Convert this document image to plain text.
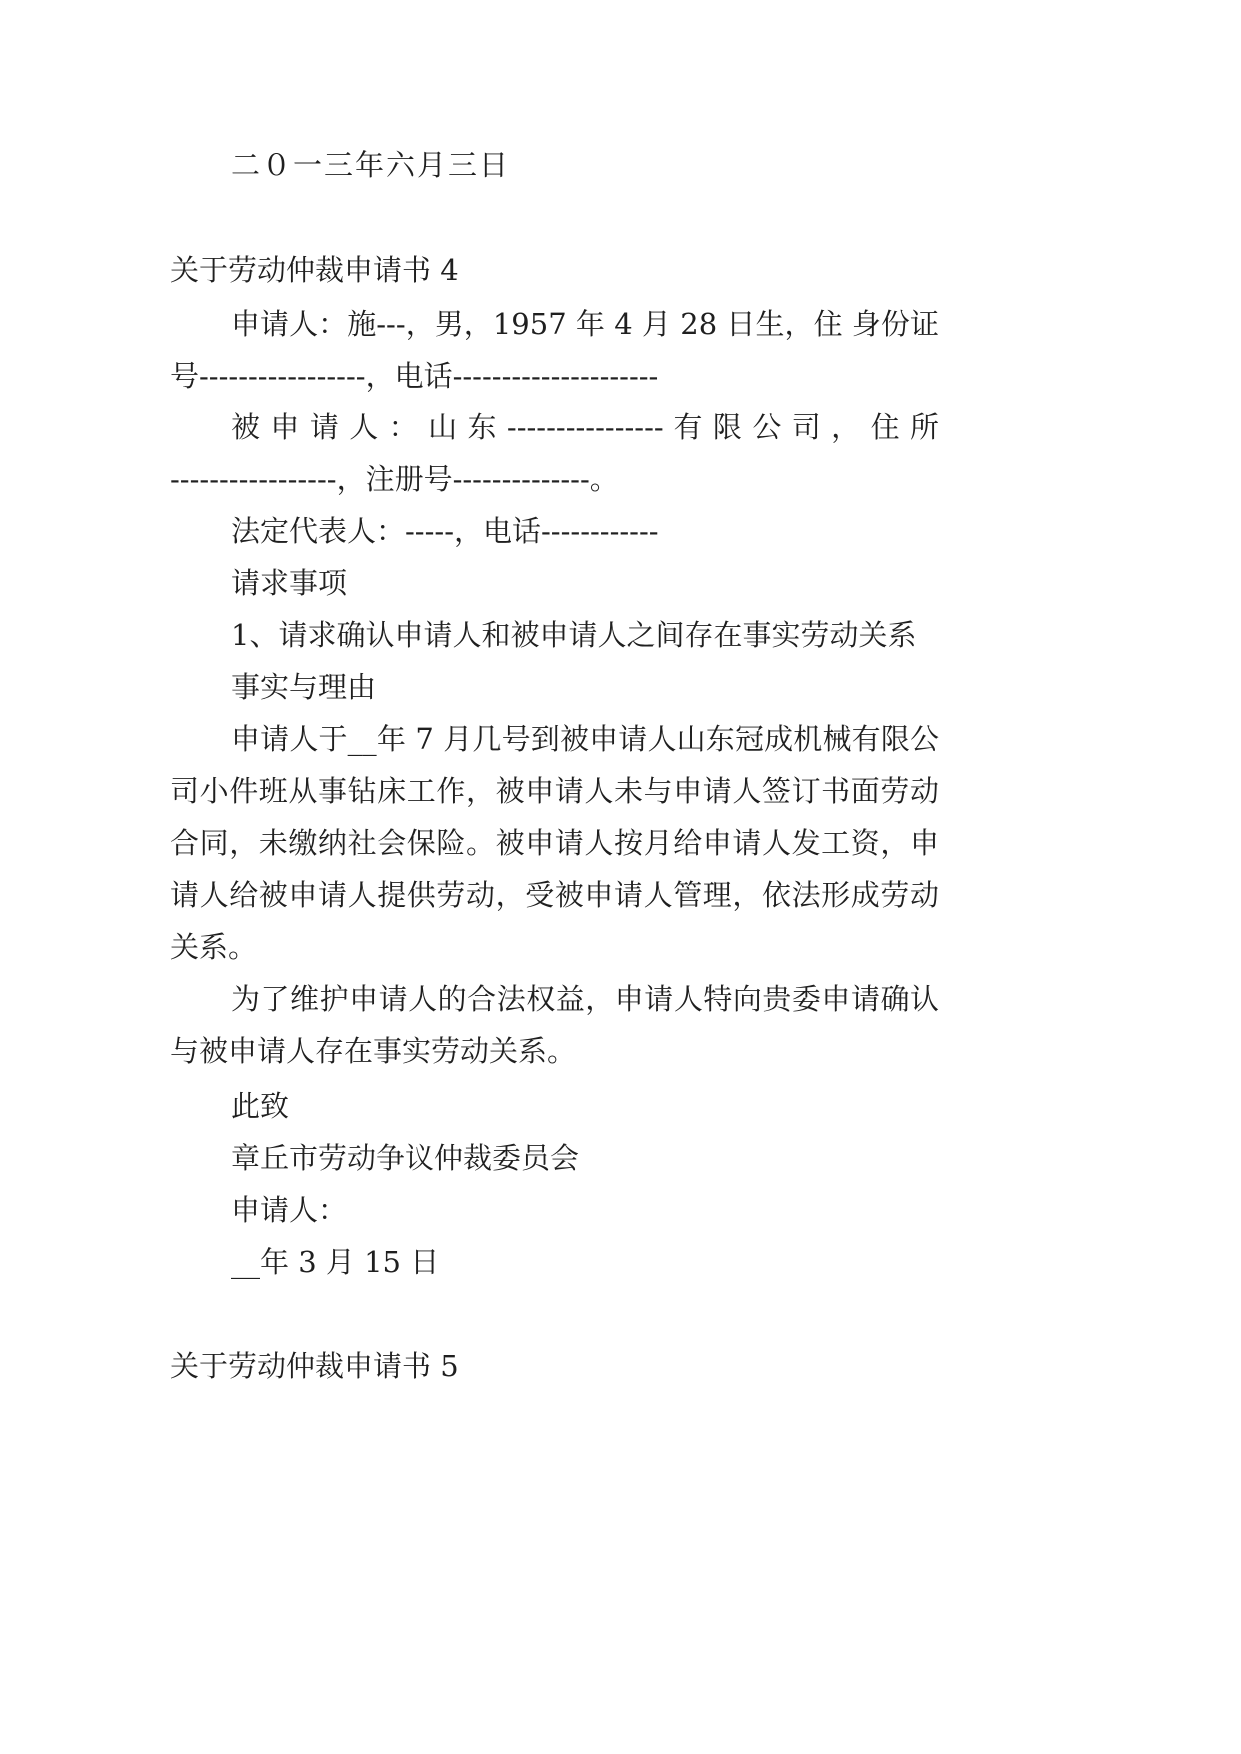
二０一三年六月三日
关于劳动仲裁申请书 4
申请人：施---，男，1957 年 4 月 28 日生，住 身份证
号-----------------，电话---------------------
被 申 请 人 ： 山 东 ---------------- 有 限 公 司 ， 住 所
-----------------，注册号--------------。
法定代表人：-----，电话------------
请求事项
1、请求确认申请人和被申请人之间存在事实劳动关系
事实与理由
申请人于__年 7 月几号到被申请人山东冠成机械有限公
司小件班从事钻床工作，被申请人未与申请人签订书面劳动
合同，未缴纳社会保险。被申请人按月给申请人发工资，申
请人给被申请人提供劳动，受被申请人管理，依法形成劳动
关系。
为了维护申请人的合法权益，申请人特向贵委申请确认
与被申请人存在事实劳动关系。
此致
章丘市劳动争议仲裁委员会
申请人：
__年 3 月 15 日
关于劳动仲裁申请书 5
